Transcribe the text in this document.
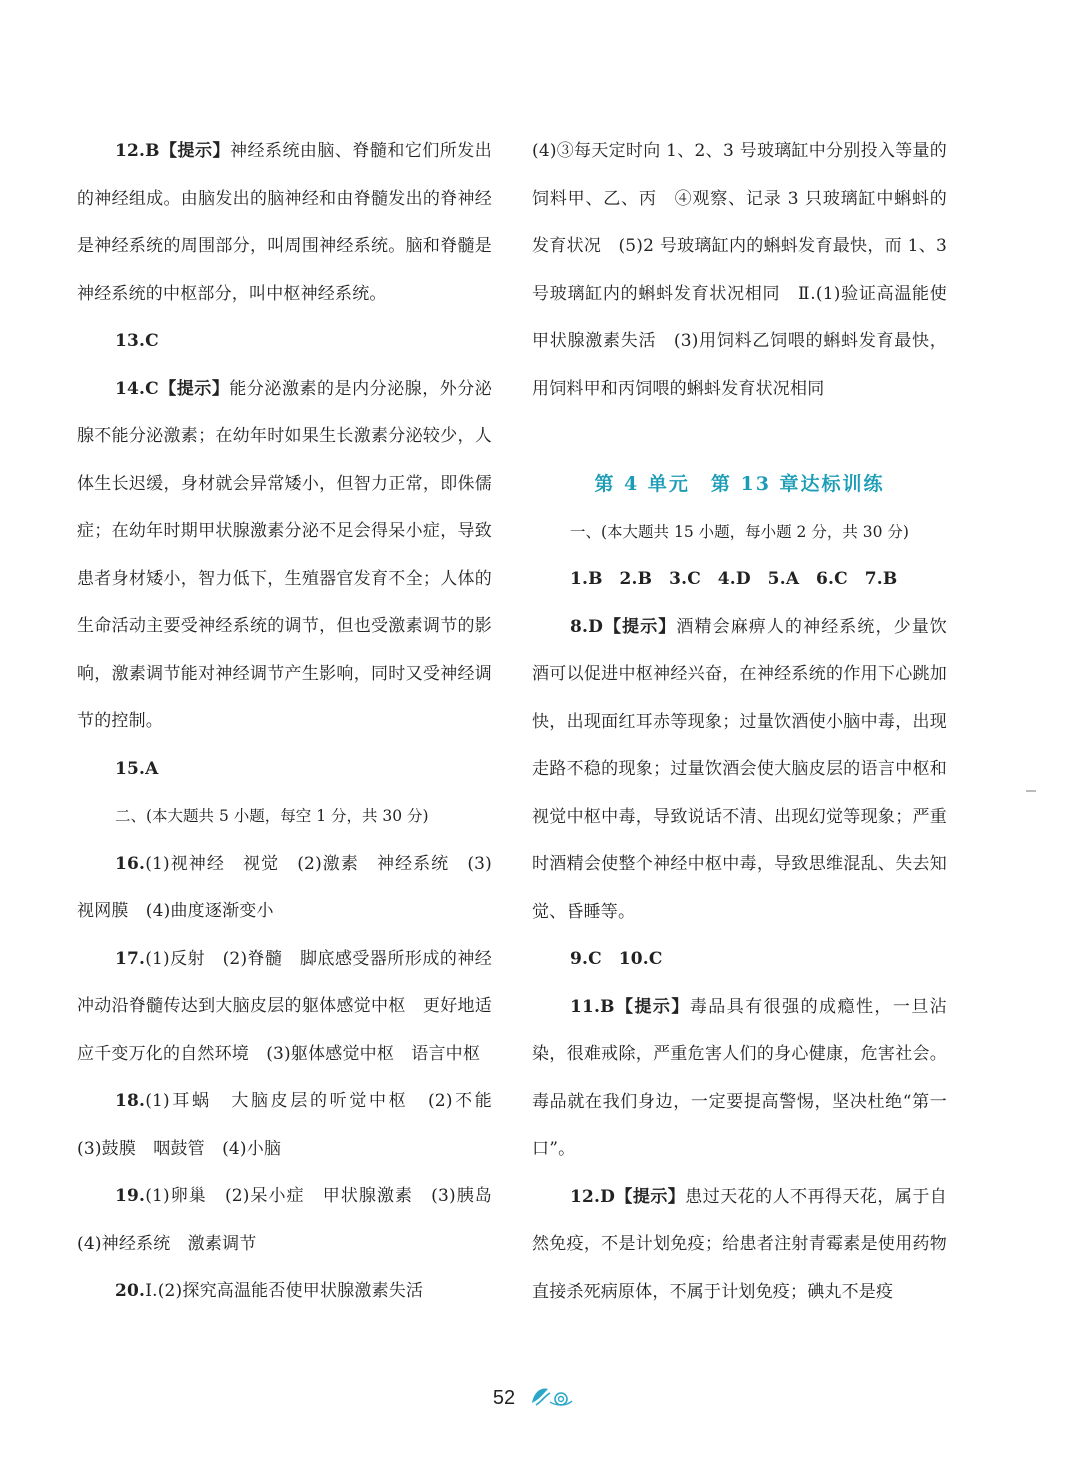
12.B【提示】神经系统由脑、脊髓和它们所发出的神经组成。由脑发出的脑神经和由脊髓发出的脊神经是神经系统的周围部分，叫周围神经系统。脑和脊髓是神经系统的中枢部分，叫中枢神经系统。

13.C

14.C【提示】能分泌激素的是内分泌腺，外分泌腺不能分泌激素；在幼年时如果生长激素分泌较少，人体生长迟缓，身材就会异常矮小，但智力正常，即侏儒症；在幼年时期甲状腺激素分泌不足会得呆小症，导致患者身材矮小，智力低下，生殖器官发育不全；人体的生命活动主要受神经系统的调节，但也受激素调节的影响，激素调节能对神经调节产生影响，同时又受神经调节的控制。

15.A

二、(本大题共 5 小题，每空 1 分，共 30 分)

16.(1)视神经　视觉　(2)激素　神经系统　(3)视网膜　(4)曲度逐渐变小

17.(1)反射　(2)脊髓　脚底感受器所形成的神经冲动沿脊髓传达到大脑皮层的躯体感觉中枢　更好地适应千变万化的自然环境　(3)躯体感觉中枢　语言中枢

18.(1)耳蜗　大脑皮层的听觉中枢　(2)不能　(3)鼓膜　咽鼓管　(4)小脑

19.(1)卵巢　(2)呆小症　甲状腺激素　(3)胰岛　(4)神经系统　激素调节

20.Ⅰ.(2)探究高温能否使甲状腺激素失活

(4)③每天定时向 1、2、3 号玻璃缸中分别投入等量的饲料甲、乙、丙　④观察、记录 3 只玻璃缸中蝌蚪的发育状况　(5)2 号玻璃缸内的蝌蚪发育最快，而 1、3 号玻璃缸内的蝌蚪发育状况相同　Ⅱ.(1)验证高温能使甲状腺激素失活　(3)用饲料乙饲喂的蝌蚪发育最快，用饲料甲和丙饲喂的蝌蚪发育状况相同

第 4 单元　第 13 章达标训练

一、(本大题共 15 小题，每小题 2 分，共 30 分)

1.B 2.B 3.C 4.D 5.A 6.C 7.B

8.D【提示】酒精会麻痹人的神经系统，少量饮酒可以促进中枢神经兴奋，在神经系统的作用下心跳加快，出现面红耳赤等现象；过量饮酒使小脑中毒，出现走路不稳的现象；过量饮酒会使大脑皮层的语言中枢和视觉中枢中毒，导致说话不清、出现幻觉等现象；严重时酒精会使整个神经中枢中毒，导致思维混乱、失去知觉、昏睡等。

9.C 10.C

11.B【提示】毒品具有很强的成瘾性，一旦沾染，很难戒除，严重危害人们的身心健康，危害社会。毒品就在我们身边，一定要提高警惕，坚决杜绝“第一口”。

12.D【提示】患过天花的人不再得天花，属于自然免疫，不是计划免疫；给患者注射青霉素是使用药物直接杀死病原体，不属于计划免疫；碘丸不是疫

52
